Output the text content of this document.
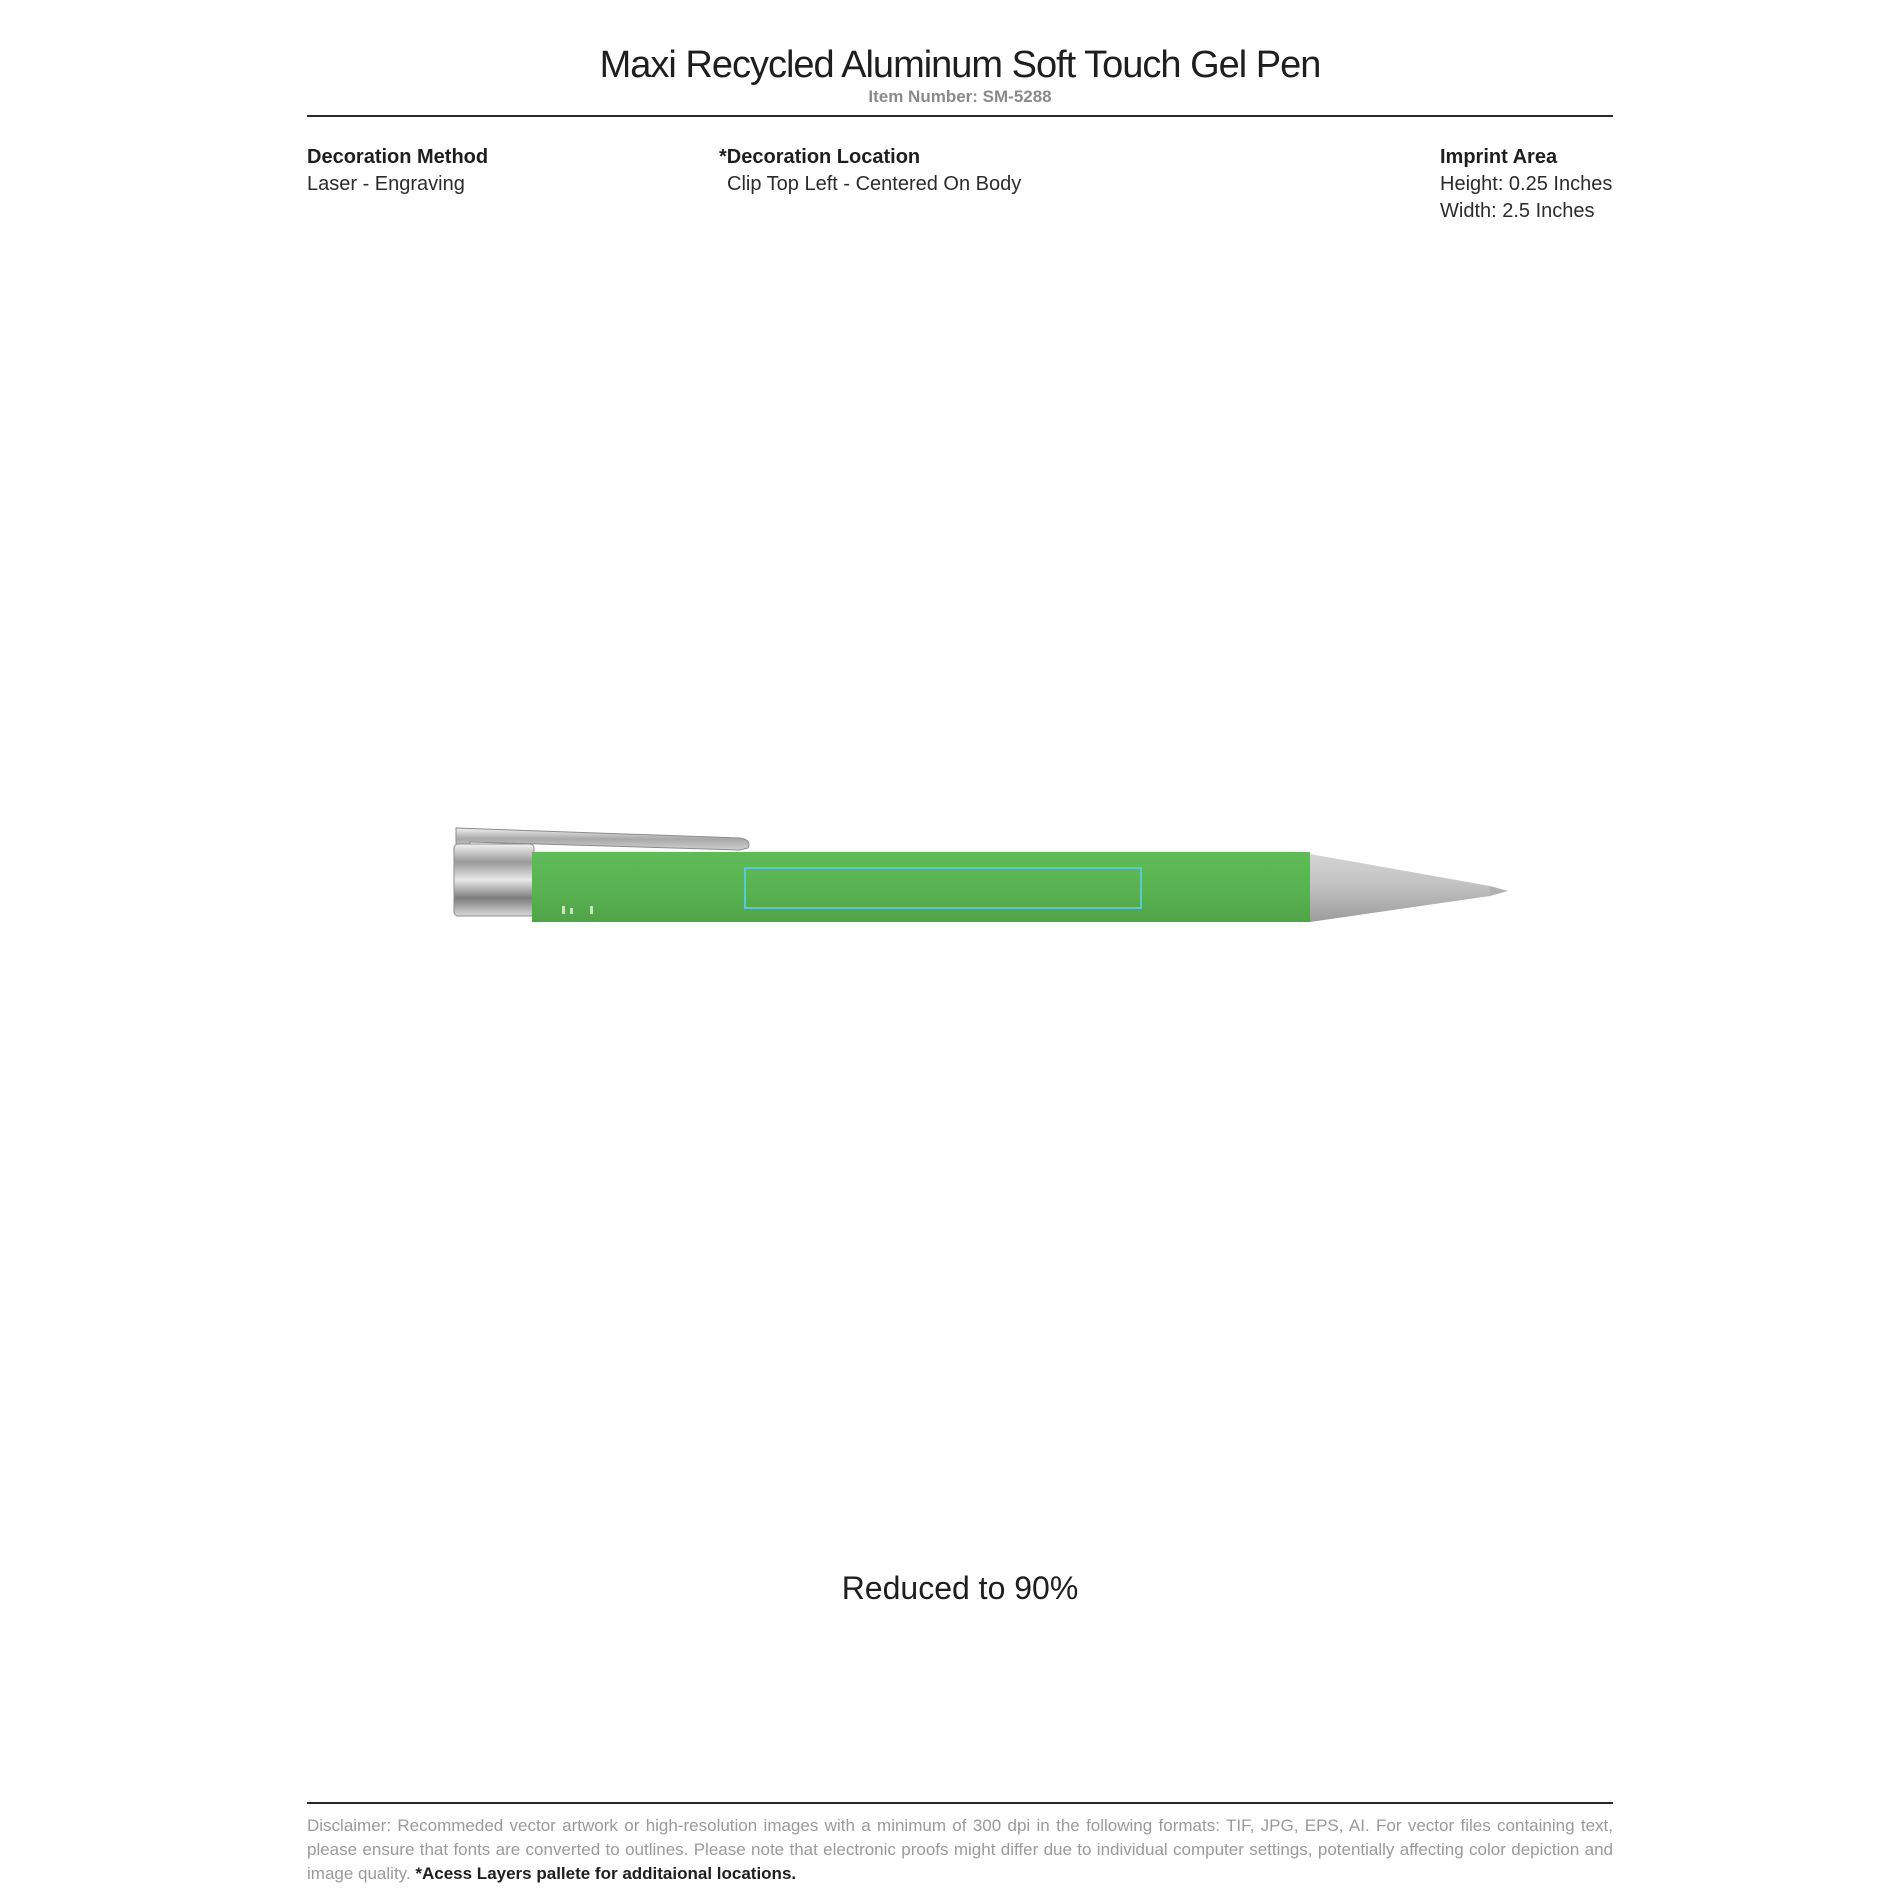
Maxi Recycled Aluminum Soft Touch Gel Pen
Item Number: SM-5288
Decoration Method
Laser - Engraving
*Decoration Location
Clip Top Left - Centered On Body
Imprint Area
Height: 0.25 Inches
Width: 2.5 Inches
Reduced to 90%
Disclaimer: Recommeded vector artwork or high-resolution images with a minimum of 300 dpi in the following formats: TIF, JPG, EPS, AI. For vector files containing text, please ensure that fonts are converted to outlines. Please note that electronic proofs might differ due to individual computer settings, potentially affecting color depiction and image quality. *Acess Layers pallete for additaional locations.
